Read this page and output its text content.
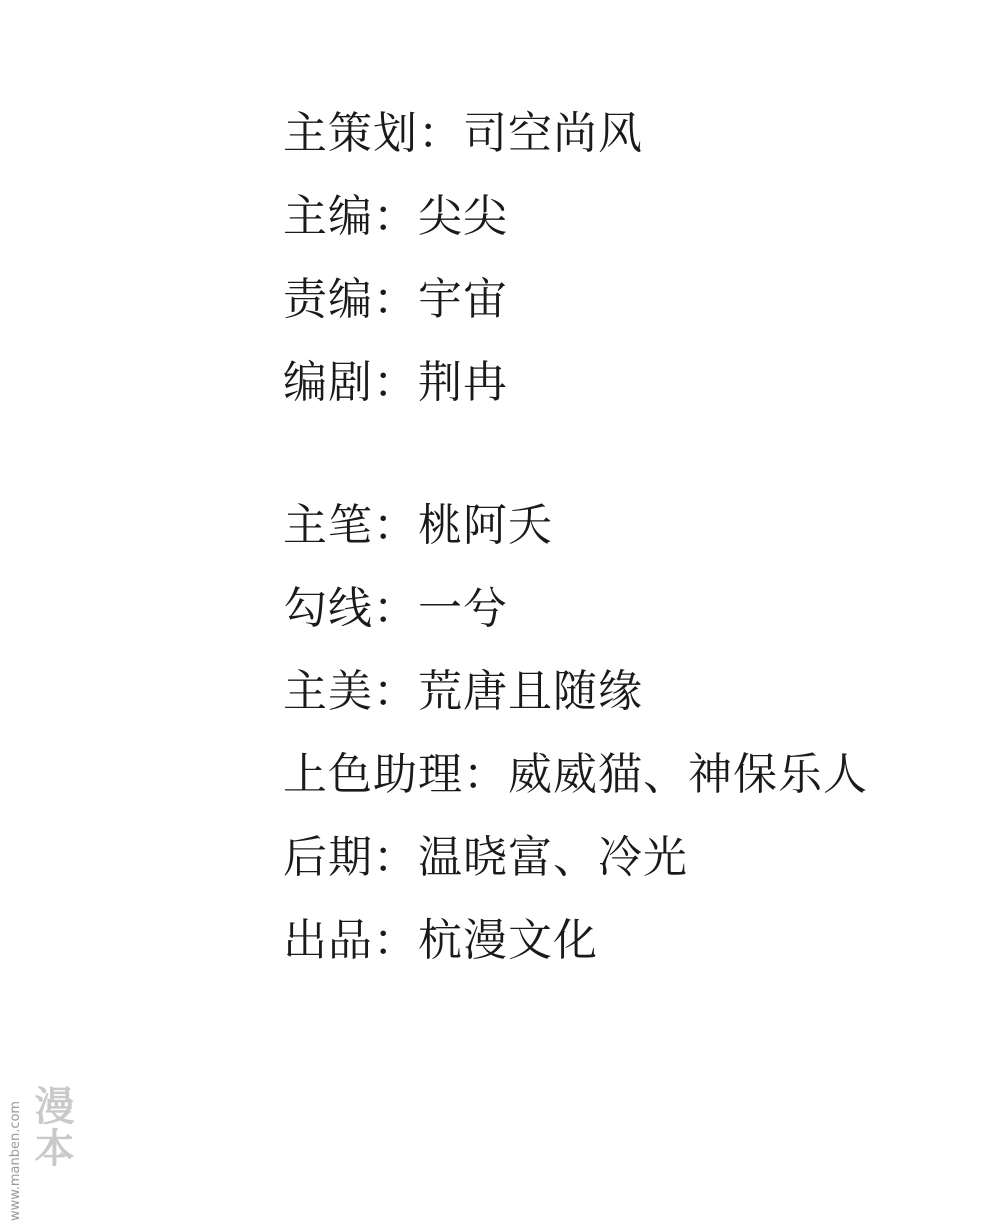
主策划：司空尚风

主编：尖尖

责编：宇宙

编剧：荆冉

主笔：桃阿夭

勾线：一兮

主美：荒唐且随缘

上色助理：威威猫、神保乐人

后期：温晓富、冷光

出品：杭漫文化

www.manben.com 漫本
